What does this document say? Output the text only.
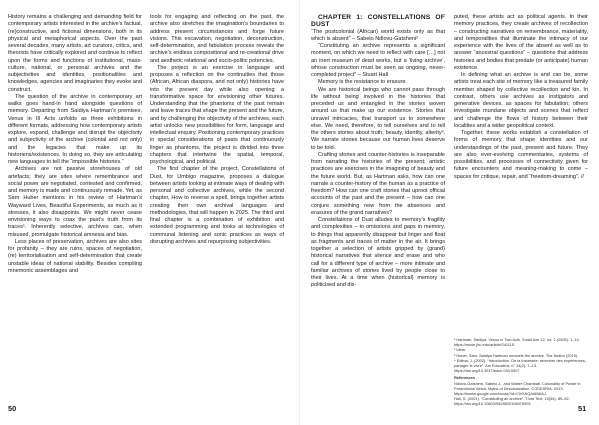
History remains a challenging and demanding field for contemporary artists interested in the archive’s factual, (re)constructive, and fictional dimensions, both in its physical and metaphorical aspects. Over the past several decades, many artists, art curators, critics, and theorists have critically explored and continue to reflect upon the forms and functions of institutional, mass-culture, national, or personal archives and the subjectivities and identities, positionalities and knowledges, agencies and imaginaries they evoke and construct.

The question of the archive in contemporary art walks goes hand-in hand alongside questions of memory. Departing from Saidiya Hartman’s premises, Venus in III Acts unfolds as three exhibitions in different formats, addressing how contemporary artists explore, expand, challenge and disrupt the objectivity and subjectivity of the archive (colonial and not only) and the legacies that make up its historiens/existences. In doing so, they are articulating new languages to tell the “impossible histories.”

Archives are not passive storehouses of old artefacts; they are sites where remembrance and social power are negotiated, contested and confirmed, and memory is made and continuously remade. Yet, as Sam Huber mentions in his review of Hartman’s Wayward Lives, Beautiful Experiments, as much as it stresses, it also disappoints. We might never cease envisioning ways to coax the past’s truth from its traces¹. Inherently selective, archives can, when misused, promulgate historical amnesia and bias.

Less places of preservation, archives are also sites for profanity – they are ruins, spaces of negotiation, (re) territorialisation and self-determination that create unstable ideas of national stability. Besides compiling mnemonic assemblages and

tools for engaging and reflecting on the past, the archive also stretches the imagination’s boundaries to address present circumstances and forge future visions. This excavation, negotiation, deconstruction, self-determination, and fabulation process reveals the archive’s endless compositional and re-creational drive and aesthetic relational and socio-politic potencies.

The project is an exercise in language and proposes a reflection on the continuities that those (African, African diaspora, and not only) histories have into the present day while also opening a transformative space for envisioning other futures. Understanding that the phantoms of the past remain and leave traces that shape the present and the future, and by challenging the objectivity of the archives, each artist unlocks new possibilities for form, language and intellectual enquiry. Positioning contemporary practices in special considerations of pasts that continuously linger as phantoms, the project is divided into three chapters that intertwine the spatial, temporal, psychological, and political.

The first chapter of the project, Constellations of Dust, for Umbigo magazine, proposes a dialogue between artists looking at intimate ways of dealing with personal and collective archives, while the second chapter, How to reverse a spell, brings together artists creating their own archival languages and methodologies, that will happen in 2025. The third and final chapter is a combination of exhibition and extended programming and looks at technologies of communal listening and sonic practices as ways of disrupting archives and repurposing subjectivities.

CHAPTER 1: CONSTELLATIONS OF DUST

“The postcolonial (African) world exists only as that which is absent” – Sabelo Ndlovu-Gatsheni²

“Constituting an archive represents a significant moment, on which we need to reflect with care […] not an inert museum of dead works, but a ‘living archive’, whose construction must be seen as ongoing, never-completed project” – Stuart Hall

Memory is the resistance to erasure.

We are historical beings who cannot pass through life without being involved in the histories that preceded us and entangled in the stories woven around us that make up our existence. Stories that unravel intricacies, that transport us to somewhere else. We need, therefore, to tell ourselves and to tell the others stories about truth, beauty, identity, alterity³. We narrate stories because our human lives deserve to be told.

Crafting stories and counter-histories is inseparable from narrating the histories of the present; artistic practices are exercises in the imagining of beauty and the future world. But, as Hartman asks, how can one narrate a counter-history of the human as a practice of freedom? How can one craft stories that uproot official accounts of the past and the present – how can one conjure something new from the absences and erasures of the grand narratives?

Constellations of Dust alludes to memory’s fragility and complexities – to omissions and gaps in memory, to things that apparently disappear but linger and float as fragments and traces of matter in the air. It brings together a selection of artists gripped by (grand) historical narratives that silence and erase and who call for a different type of archive – more intimate and familiar archives of stories lived by people close to their lives. At a time when (historical) memory is politicised and dis-

puted, these artists act as political agents. In their memory practices, they create archives of recollection – constructing narratives on remembrance, materiality, and temporalities that illuminate the intimacy of our experience with the lives of the absent as well as to answer “ancestral questions” – questions that address histories and bodies that predate (or anticipate) human existence.

In defining what an archive is and can be, some artists treat each site of memory like a treasured family member shaped by collective recollection and kin. In contrast, others use archives as instigators and generative devices, as spaces for fabulation; others investigate mundane objects and scenes that reflect and challenge the flows of history between their localities and a wider geopolitical context.

Together, these works establish a constellation of forms of memory that shape identities and our understandings of the past, present and future. They are also ever-evolving commentaries, systems of possibilities, and processes of connectivity given for future encounters and meaning-making to come – spaces for critique, repair, and “freedom-dreaming”. //

¹ Hartman, Saidiya. Venus in Two Acts. Small Axe 12, no. 2 (2008): 1–14. https://muse.jhu.edu/article/241115.

² Idem.

³ Huber, Sam. Saidiya Hartman unravels the archive. The Nation (2019).

⁴ Edima, J. (2002). “Introduction. De la traversée: recentrer des expériences, partager le vivre”. Ars Educativa, n° 34(2), 7–13. https://doi.org/10.3917/edoc.034.0007

References

Ndlovu-Gatsheni, Sabelo J., and Walter Chambati. Coloniality of Power in Postcolonial Africa: Myths of Decolonization. CODESRIA, 2013. https://books.google.com/books?id=CIvXAQAAMAAJ.

Hall, S. (2001). “Constituting an archive”. Third Text, 15(54), 89–92. https://doi.org/10.1080/09528820108576903

50	51
